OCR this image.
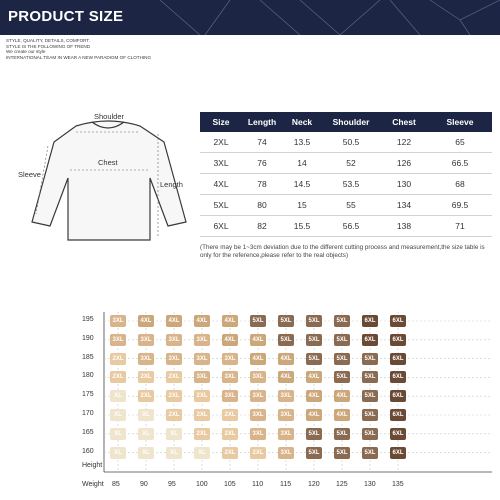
PRODUCT SIZE
STYLE, QUALITY, DETAILS, COMFORT.
STYLE IS THE FOLLOWING OF TREND
We create our style
INTERNATIONAL TEAM IN WEAR A NEW PARADIGM OF CLOTHING
Shoulder
Chest
Sleeve
Length
Size	Length	Neck	Shoulder	Chest	Sleeve
2XL	74	13.5	50.5	122	65
3XL	76	14	52	126	66.5
4XL	78	14.5	53.5	130	68
5XL	80	15	55	134	69.5
6XL	82	15.5	56.5	138	71
(There may be 1~3cm deviation due to the different cutting process and measurement,the size table is only for the reference,please refer to the real objects)
195
190
185
180
175
170
165
160
Height
Weight 85	90	95	100 105 110 115 120 125 130 135
3XL	4XL	4XL	4XL	4XL	5XL	5XL	5XL	5XL	6XL	6XL
3XL	3XL	3XL	3XL	4XL	4XL	5XL	5XL	5XL	6XL	6XL
2XL	3XL	3XL	3XL	3XL	4XL	4XL	5XL	5XL	5XL	6XL
2XL	2XL	2XL	3XL	3XL	3XL	4XL	4XL	5XL	5XL	6XL
XL	2XL	2XL	2XL	3XL	3XL	3XL	4XL	4XL	5XL	6XL
XL	XL	2XL	2XL	2XL	3XL	3XL	4XL	4XL	5XL	6XL
XL	XL	XL	2XL	2XL	3XL	3XL	5XL	5XL	5XL	6XL
XL	XL	XL	XL	2XL	2XL	3XL	5XL	5XL	5XL	6XL
